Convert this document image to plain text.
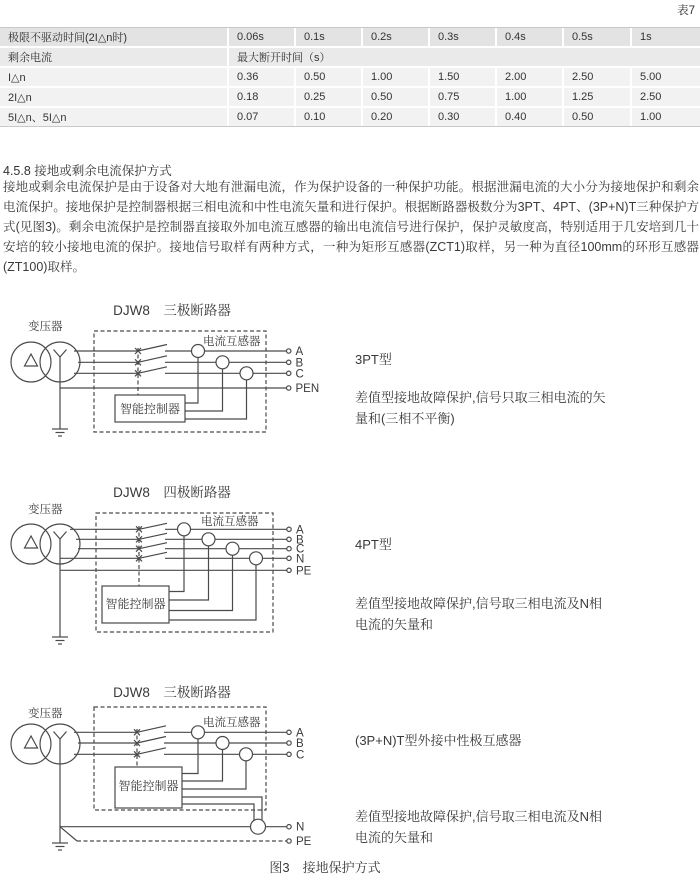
表7
极限不驱动时间(2I△n时)	0.06s	0.1s	0.2s	0.3s	0.4s	0.5s	1s
剩余电流	最大断开时间（s）						
I△n	0.36	0.50	1.00	1.50	2.00	2.50	5.00
2I△n	0.18	0.25	0.50	0.75	1.00	1.25	2.50
5I△n、5I△n	0.07	0.10	0.20	0.30	0.40	0.50	1.00
4.5.8 接地或剩余电流保护方式
接地或剩余电流保护是由于设备对大地有泄漏电流，作为保护设备的一种保护功能。根据泄漏电流的大小分为接地保护和剩余电流保护。接地保护是控制器根据三相电流和中性电流矢量和进行保护。根据断路器极数分为3PT、4PT、(3P+N)T三种保护方式(见图3)。剩余电流保护是控制器直接取外加电流互感器的输出电流信号进行保护，保护灵敏度高，特别适用于几安培到几十安培的较小接地电流的保护。接地信号取样有两种方式，一种为矩形互感器(ZCT1)取样，另一种为直径100mm的环形互感器(ZT100)取样。
DJW8　三极断路器
变压器
电流互感器
智能控制器
A
B
C
PEN
3PT型
差值型接地故障保护,信号只取三相电流的矢量和(三相不平衡)
DJW8　四极断路器
变压器
电流互感器
智能控制器
A
B
C
N
PE
4PT型
差值型接地故障保护,信号取三相电流及N相电流的矢量和
DJW8　三极断路器
变压器
电流互感器
智能控制器
A
B
C
N
PE
(3P+N)T型外接中性极互感器
差值型接地故障保护,信号取三相电流及N相电流的矢量和
图3　接地保护方式
